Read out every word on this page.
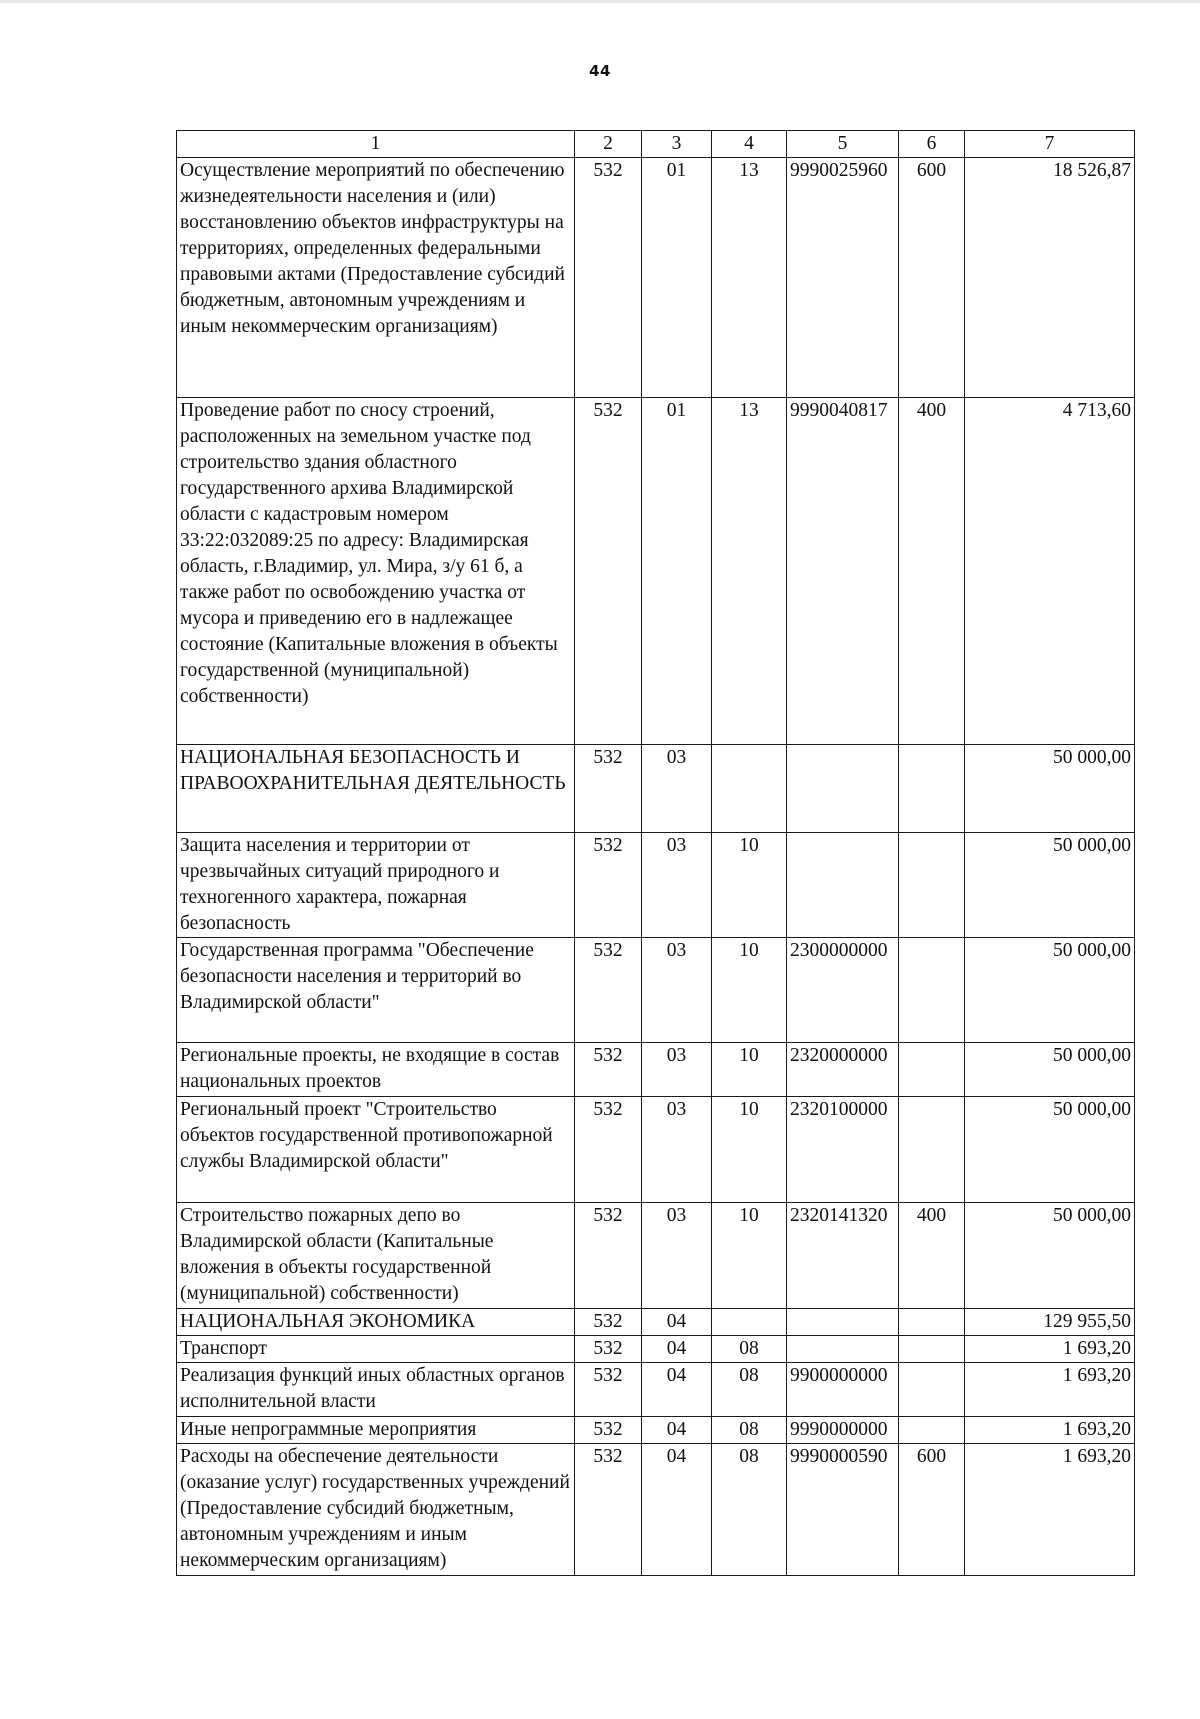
44
1	2	3	4	5	6	7
Осуществление мероприятий по обеспечению жизнедеятельности населения и (или) восстановлению объектов инфраструктуры на территориях, определенных федеральными правовыми актами (Предоставление субсидий бюджетным, автономным учреждениям и иным некоммерческим организациям)	532	01	13	9990025960	600	18 526,87
Проведение работ по сносу строений, расположенных на земельном участке под строительство здания областного государственного архива Владимирской области с кадастровым номером 33:22:032089:25 по адресу: Владимирская область, г.Владимир, ул. Мира, з/у 61 б, а также работ по освобождению участка от мусора и приведению его в надлежащее состояние (Капитальные вложения в объекты государственной (муниципальной) собственности)	532	01	13	9990040817	400	4 713,60
НАЦИОНАЛЬНАЯ БЕЗОПАСНОСТЬ И ПРАВООХРАНИТЕЛЬНАЯ ДЕЯТЕЛЬНОСТЬ	532	03				50 000,00
Защита населения и территории от чрезвычайных ситуаций природного и техногенного характера, пожарная безопасность	532	03	10			50 000,00
Государственная программа "Обеспечение безопасности населения и территорий во Владимирской области"	532	03	10	2300000000		50 000,00
Региональные проекты, не входящие в состав национальных проектов	532	03	10	2320000000		50 000,00
Региональный проект "Строительство объектов государственной противопожарной службы Владимирской области"	532	03	10	2320100000		50 000,00
Строительство пожарных депо во Владимирской области (Капитальные вложения в объекты государственной (муниципальной) собственности)	532	03	10	2320141320	400	50 000,00
НАЦИОНАЛЬНАЯ ЭКОНОМИКА	532	04				129 955,50
Транспорт	532	04	08			1 693,20
Реализация функций иных областных органов исполнительной власти	532	04	08	9900000000		1 693,20
Иные непрограммные мероприятия	532	04	08	9990000000		1 693,20
Расходы на обеспечение деятельности (оказание услуг) государственных учреждений (Предоставление субсидий бюджетным, автономным учреждениям и иным некоммерческим организациям)	532	04	08	9990000590	600	1 693,20
